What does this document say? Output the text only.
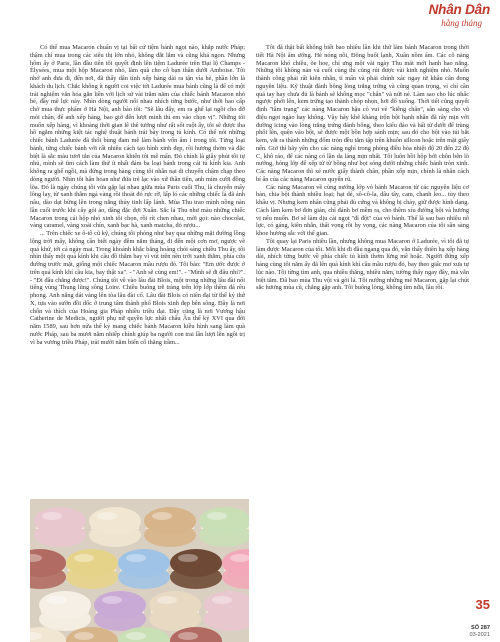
Nhân Dân
hằng tháng

Có thể mua Macaron chuẩn vị tại bất cứ tiệm bánh ngọt nào, khắp nước Pháp; thậm chí mua trong các siêu thị lớn nhỏ, không đắt lắm và cũng khá ngon. Nhưng hôm ấy ở Paris, lần đầu tiên tôi quyết định lên tiệm Ladurée trên Đại lộ Champs - Élysées, mua một hộp Macaron nhỏ, làm quà cho cô bạn thân dưới Amboise. Tôi nhớ anh đưa đi, đến nơi, đã thấy dân tình xếp hàng dài ra tận vỉa hè, phần lớn là khách du lịch. Chắc không ít người coi việc tới Ladurée mua bánh cũng là để có một trải nghiệm văn hóa gắn liền với lịch sử vài trăm năm của chiếc bánh Macaron nhỏ bé, đầy mê lực này. Nhìn dòng người nối nhau nhích từng bước, như thời bao cấp chờ mua thực phẩm ở Hà Nội, anh bảo tôi: "Sẽ lâu đấy, em ra ghế lại ngồi cho đỡ mỏi chân, để anh xếp hàng, bao giờ đến lượt mình thì em vào chọn vị". Những tôi muốn xếp hàng, vì khoảng thời gian lê thê tưởng như rất sốt ruột ấy, tôi sẽ được tha hồ ngắm những kiệt tác nghệ thuật bánh trái bày trong tủ kính. Có thể nói những chiếc bánh Ladurée đã thổi bùng đam mê làm bánh vốn âm ỉ trong tôi. Từng loại bánh, từng chiếc bánh với rất nhiều cách tạo hình xinh đẹp, rồi hương thơm và đặc biệt là sắc màu tươi tắn của Macaron khiến tôi mê mẩn. Đó chính là giây phút tôi tự nhủ, mình sẽ tìm cách làm thử ít nhất đám ba loại bánh trong cái tủ kính kia. Anh không ra ghế ngồi, mà đứng trong hàng cùng tôi nhẫn nại di chuyển chậm chạp theo dòng người. Nhìn tôi hân hoan như đứa trẻ lạc vào xứ thần tiên, anh mỉm cười đồng lõa. Đó là ngày chúng tôi vừa gặp lại nhau giữa mùa Paris cuối Thu, là chuyến mấy lông lay, từ xanh thẫm ngả vàng rồi thoát đỏ rực rỡ, lấp ló các những chiếc lá đã ánh nâu, dào dạt bừng lên trong nắng thủy tinh lấp lánh. Mùa Thu trao mình nồng nàn lần cuối trước khi cây gói áo, dâng đặc đợi Xuân. Sắc lá Thu như màu những chiếc Macaron trong cái hộp nhỏ xinh tôi chọn, rồi rít chen nhau, mời gọi: nào chocolat, vàng caramel, vàng xoài chín, xanh bạc hà, xanh matcha, đỏ rượu...

... Trên chiếc xe ô-tô cũ kỹ, chúng tôi phóng như bay qua những mặt đường lồng lộng trời mây, không cần biết ngày đêm nắm tháng, đi đến một cơn mơ, ngược về quá khứ, tới cả ngày mai. Trong khoảnh khắc băng hoàng chói sáng chiều Thu ấy, tôi nhìn thấy một quả kính khi cầu đồ thằm bay vì vút trên nền trời xanh thẳm, phía cửa đường trước mặt, giống một chiếc Macaron mầu rượu đỏ. Tôi bảo: "Em ước được ở trên quả kính khí cầu kia, bay thật xa". - "Anh sẽ cùng em!". - "Mình sẽ đi đâu nhỉ?". - "Đi đâu chẳng được!". Chúng tôi về vào lâu đài Blois, một trong những lâu đài nổi tiếng vùng Thung lũng sông Loire. Chiều buông trễ tràng trên lớp lớp thềm đá rêu phong. Anh nắng dát vàng lên tòa lâu đài cổ. Lâu đài Blois có niên đại từ thế kỷ thứ X, tựa vào sườn đồi dốc ở trung tâm thành phố Blois xinh đẹp bên sông. Đây là nơi chốn và thích của Hoàng gia Pháp nhiều triều đại. Đây cũng là nơi Vương hậu Catherine de Medicis, người phụ nữ quyền lực nhất châu Âu thế kỷ XVI qua đời năm 1589, sau hơn nửa thế kỷ mang chiếc bánh Macaron kiều hình sang làm quà nước Pháp, sau ba mươi năm nhiếp chính giúp ba người con trai lần lượt lên ngôi trị vì ba vương triều Pháp, trải mười năm biến cố thăng trầm...

Tôi đã thật bất không biết bao nhiêu lần khi thử làm bánh Macaron trong thời tiết Hà Nội ẩm ướng. Hè nóng nôi, Đông buốt lạnh, Xuân nồm ẩm. Các cô nàng Macaron khó chiều, õe hoẹ, chỉ ưng một vài ngày Thu mát mới hanh hao nắng. Những tôi không nản và cuối cùng thì cũng rút được vài kinh nghiệm nhỏ. Muốn thành công phải rất kiên nhẫn, tỉ mẩn và phải chính xác ngay từ khâu cân đong nguyên liệu. Kỹ thuật đánh bông lòng trắng trứng và cũng quan trọng, vì chỉ cần quá tay hay chưa đủ là bánh sẽ không mọc "chân" và nứt nẻ. Làm sao cho lúc nhấc ngược phới lên, kem trứng tạo thành chóp nhọn, hơi đổ xuống. Thời tiết cũng quyết định "tâm trạng" các nàng Macaron hậu có vui vẻ "kiễng chân", sẵn sàng cho vũ điệu ngọt ngào hay không. Vậy hãy khẽ khàng trộn bột hạnh nhân đã rây mịn với đường icing vào lòng trắng trứng đánh bông, theo kiểu đảo và hất từ dưới để trùng phối lên, quện vào bột, sẽ được một bồn hợp sánh mịn; sau đó cho bột vào túi bắt kem, vắt ra thành những đốm tròn đều tăm tập trên khuôn silicon hoặc trên mặt giấy nến. Giờ thì hãy yên cho các nàng nghỉ trong phòng điều hòa nhiệt độ 20 đến 22 độ C, khô ráo, để các nàng có lần da láng mịn nhất. Tôi luôn hồi hộp bởi chôn bên lò nướng, hóng lớp để xếp từ từ bồng như bọt sóng dưới những chiếc bánh tròn xinh. Các nàng Macaron thì xé nước giấy thành chân, phần xốp mịn, chính là nhân cách bí ẩn của các nàng Macaron quyến rũ.

Các nàng Macaron về cùng nướng lớp vỏ bánh Macaron từ các nguyên liệu cơ bản, chia bột thành nhiều loại; hạt dẻ, sô-cô-la, dâu tây, cam, chanh leo... tùy theo khẩu vị. Nhưng kem nhân cũng phải đủ cứng và không bị chảy, giữ được hình dạng. Cách làm kem bơ đơn giản, chỉ đánh bơ mềm ra, cho thêm xíu đường bột và hương vị nếu muốn. Bơ sẽ làm dịu cái ngọt "đỉ đột" của vỏ bánh. Thế là sau bao nhiêu nỗ lực, có gáng, kiên nhẫn, thất vọng rồi hy vọng, các nàng Macaron của tôi sẵn sàng khoe hương sắc với thế gian.

Tôi quay lại Paris nhiều lần, nhưng không mua Macaron ở Ladurée, vì tôi đã tự làm được Macaron của tôi. Mỗi khi đi đâu ngang qua đó, vẫn thấy thiên hạ xếp hàng dài, nhích từng bước về phía chiếc tủ kính thơm lừng mê hoặc. Người đứng xếp hàng cùng tôi năm ấy đã lên quả kính khí cầu mầu rượu đỏ, bay theo giấc mơ xưa tự lúc nào. Tôi từng tìm anh, qua nhiều thăng, nhiều năm, tường thấy ngay đây, mà vẫn biệt tăm. Đã bao mùa Thu vội và gõi lá. Tôi nướng những mẻ Macaron, gặp lại chút sắc hương mùa cũ, chẳng gặp anh. Tôi buông lòng, không tìm nữa, lâu rồi.

35
SỐ 287
03-2021
